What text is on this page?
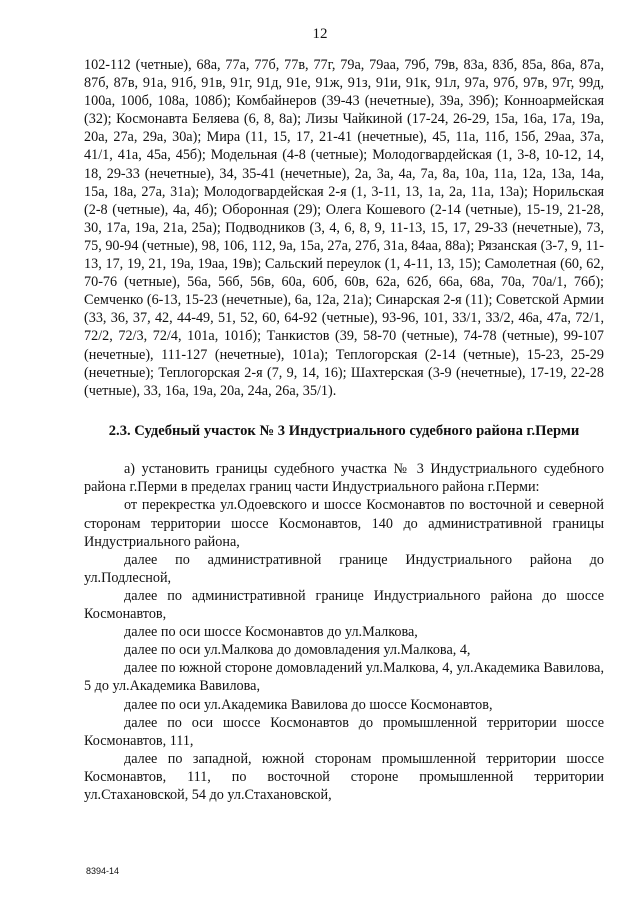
12

102-112 (четные), 68а, 77а, 77б, 77в, 77г, 79а, 79аа, 79б, 79в, 83а, 83б, 85а, 86а, 87а, 87б, 87в, 91а, 91б, 91в, 91г, 91д, 91е, 91ж, 91з, 91и, 91к, 91л, 97а, 97б, 97в, 97г, 99д, 100а, 100б, 108а, 108б); Комбайнеров (39-43 (нечетные), 39а, 39б); Конноармейская (32); Космонавта Беляева (6, 8, 8а); Лизы Чайкиной (17-24, 26-29, 15а, 16а, 17а, 19а, 20а, 27а, 29а, 30а); Мира (11, 15, 17, 21-41 (нечетные), 45, 11а, 11б, 15б, 29аа, 37а, 41/1, 41а, 45а, 45б); Модельная (4-8 (четные); Молодогвардейская (1, 3-8, 10-12, 14, 18, 29-33 (нечетные), 34, 35-41 (нечетные), 2а, 3а, 4а, 7а, 8а, 10а, 11а, 12а, 13а, 14а, 15а, 18а, 27а, 31а); Молодогвардейская 2-я (1, 3-11, 13, 1а, 2а, 11а, 13а); Норильская (2-8 (четные), 4а, 4б); Оборонная (29); Олега Кошевого (2-14 (четные), 15-19, 21-28, 30, 17а, 19а, 21а, 25а); Подводников (3, 4, 6, 8, 9, 11-13, 15, 17, 29-33 (нечетные), 73, 75, 90-94 (четные), 98, 106, 112, 9а, 15а, 27а, 27б, 31а, 84аа, 88а); Рязанская (3-7, 9, 11-13, 17, 19, 21, 19а, 19аа, 19в); Сальский переулок (1, 4-11, 13, 15); Самолетная (60, 62, 70-76 (четные), 56а, 56б, 56в, 60а, 60б, 60в, 62а, 62б, 66а, 68а, 70а, 70а/1, 76б); Семченко (6-13, 15-23 (нечетные), 6а, 12а, 21а); Синарская 2-я (11); Советской Армии (33, 36, 37, 42, 44-49, 51, 52, 60, 64-92 (четные), 93-96, 101, 33/1, 33/2, 46а, 47а, 72/1, 72/2, 72/3, 72/4, 101а, 101б); Танкистов (39, 58-70 (четные), 74-78 (четные), 99-107 (нечетные), 111-127 (нечетные), 101а); Теплогорская (2-14 (четные), 15-23, 25-29 (нечетные); Теплогорская 2-я (7, 9, 14, 16); Шахтерская (3-9 (нечетные), 17-19, 22-28 (четные), 33, 16а, 19а, 20а, 24а, 26а, 35/1).

2.3. Судебный участок № 3 Индустриального судебного района г.Перми

а) установить границы судебного участка № 3 Индустриального судебного района г.Перми в пределах границ части Индустриального района г.Перми:

от перекрестка ул.Одоевского и шоссе Космонавтов по восточной и северной сторонам территории шоссе Космонавтов, 140 до административной границы Индустриального района,

далее по административной границе Индустриального района до ул.Подлесной,

далее по административной границе Индустриального района до шоссе Космонавтов,

далее по оси шоссе Космонавтов до ул.Малкова,

далее по оси ул.Малкова до домовладения ул.Малкова, 4,

далее по южной стороне домовладений ул.Малкова, 4, ул.Академика Вавилова, 5 до ул.Академика Вавилова,

далее по оси ул.Академика Вавилова до шоссе Космонавтов,

далее по оси шоссе Космонавтов до промышленной территории шоссе Космонавтов, 111,

далее по западной, южной сторонам промышленной территории шоссе Космонавтов, 111, по восточной стороне промышленной территории ул.Стахановской, 54 до ул.Стахановской,

8394-14
